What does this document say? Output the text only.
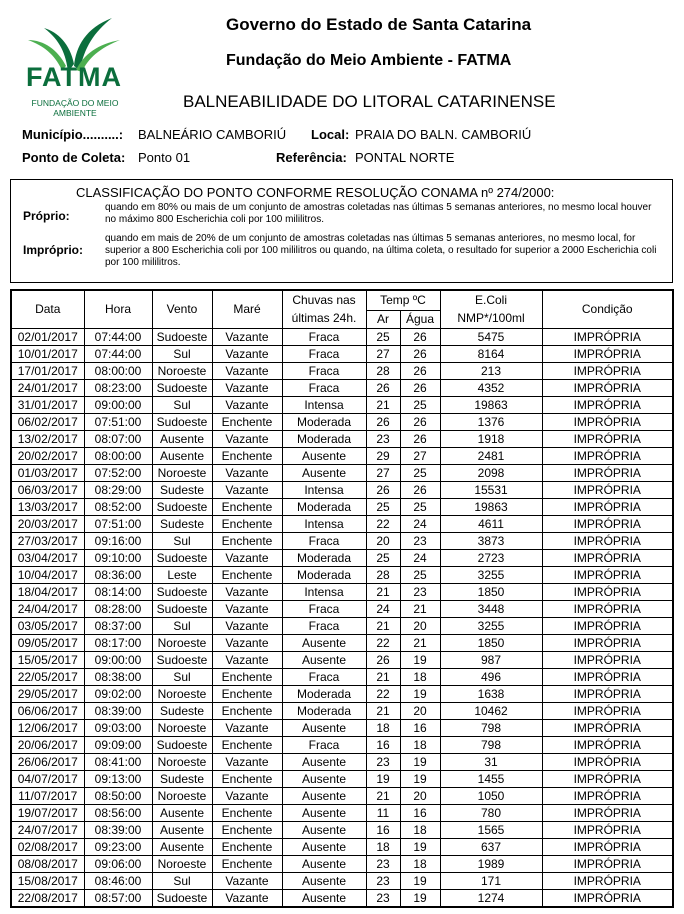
FATMA
FUNDAÇÃO DO MEIO AMBIENTE
Governo do Estado de Santa Catarina
Fundação do Meio Ambiente - FATMA
BALNEABILIDADE DO LITORAL CATARINENSE
Município..........: BALNEÁRIO CAMBORIÚ Local: PRAIA DO BALN. CAMBORIÚ
Ponto de Coleta: Ponto 01	Referência: PONTAL NORTE
CLASSIFICAÇÃO DO PONTO CONFORME RESOLUÇÃO CONAMA nº 274/2000:
Próprio:
quando em 80% ou mais de um conjunto de amostras coletadas nas últimas 5 semanas anteriores, no mesmo local houver no máximo 800 Escherichia coli por 100 mililitros.
Impróprio:
quando em mais de 20% de um conjunto de amostras coletadas nas últimas 5 semanas anteriores, no mesmo local, for superior a 800 Escherichia coli por 100 mililitros ou quando, na última coleta, o resultado for superior a 2000 Escherichia coli por 100 mililitros.
Data	Hora	Vento	Maré	Chuvas nas	Temp ºC		E.Coli	Condição
				últimas 24h.	Ar	Água	NMP*/100ml	
02/01/2017	07:44:00	Sudoeste	Vazante	Fraca	25	26	5475	IMPRÓPRIA
10/01/2017	07:44:00	Sul	Vazante	Fraca	27	26	8164	IMPRÓPRIA
17/01/2017	08:00:00	Noroeste	Vazante	Fraca	28	26	213	IMPRÓPRIA
24/01/2017	08:23:00	Sudoeste	Vazante	Fraca	26	26	4352	IMPRÓPRIA
31/01/2017	09:00:00	Sul	Vazante	Intensa	21	25	19863	IMPRÓPRIA
06/02/2017	07:51:00	Sudoeste	Enchente	Moderada	26	26	1376	IMPRÓPRIA
13/02/2017	08:07:00	Ausente	Vazante	Moderada	23	26	1918	IMPRÓPRIA
20/02/2017	08:00:00	Ausente	Enchente	Ausente	29	27	2481	IMPRÓPRIA
01/03/2017	07:52:00	Noroeste	Vazante	Ausente	27	25	2098	IMPRÓPRIA
06/03/2017	08:29:00	Sudeste	Vazante	Intensa	26	26	15531	IMPRÓPRIA
13/03/2017	08:52:00	Sudoeste	Enchente	Moderada	25	25	19863	IMPRÓPRIA
20/03/2017	07:51:00	Sudeste	Enchente	Intensa	22	24	4611	IMPRÓPRIA
27/03/2017	09:16:00	Sul	Enchente	Fraca	20	23	3873	IMPRÓPRIA
03/04/2017	09:10:00	Sudoeste	Vazante	Moderada	25	24	2723	IMPRÓPRIA
10/04/2017	08:36:00	Leste	Enchente	Moderada	28	25	3255	IMPRÓPRIA
18/04/2017	08:14:00	Sudoeste	Vazante	Intensa	21	23	1850	IMPRÓPRIA
24/04/2017	08:28:00	Sudoeste	Vazante	Fraca	24	21	3448	IMPRÓPRIA
03/05/2017	08:37:00	Sul	Vazante	Fraca	21	20	3255	IMPRÓPRIA
09/05/2017	08:17:00	Noroeste	Vazante	Ausente	22	21	1850	IMPRÓPRIA
15/05/2017	09:00:00	Sudoeste	Vazante	Ausente	26	19	987	IMPRÓPRIA
22/05/2017	08:38:00	Sul	Enchente	Fraca	21	18	496	IMPRÓPRIA
29/05/2017	09:02:00	Noroeste	Enchente	Moderada	22	19	1638	IMPRÓPRIA
06/06/2017	08:39:00	Sudeste	Enchente	Moderada	21	20	10462	IMPRÓPRIA
12/06/2017	09:03:00	Noroeste	Vazante	Ausente	18	16	798	IMPRÓPRIA
20/06/2017	09:09:00	Sudoeste	Enchente	Fraca	16	18	798	IMPRÓPRIA
26/06/2017	08:41:00	Noroeste	Vazante	Ausente	23	19	31	IMPRÓPRIA
04/07/2017	09:13:00	Sudeste	Enchente	Ausente	19	19	1455	IMPRÓPRIA
11/07/2017	08:50:00	Noroeste	Vazante	Ausente	21	20	1050	IMPRÓPRIA
19/07/2017	08:56:00	Ausente	Enchente	Ausente	11	16	780	IMPRÓPRIA
24/07/2017	08:39:00	Ausente	Enchente	Ausente	16	18	1565	IMPRÓPRIA
02/08/2017	09:23:00	Ausente	Enchente	Ausente	18	19	637	IMPRÓPRIA
08/08/2017	09:06:00	Noroeste	Enchente	Ausente	23	18	1989	IMPRÓPRIA
15/08/2017	08:46:00	Sul	Vazante	Ausente	23	19	171	IMPRÓPRIA
22/08/2017	08:57:00	Sudoeste	Vazante	Ausente	23	19	1274	IMPRÓPRIA
